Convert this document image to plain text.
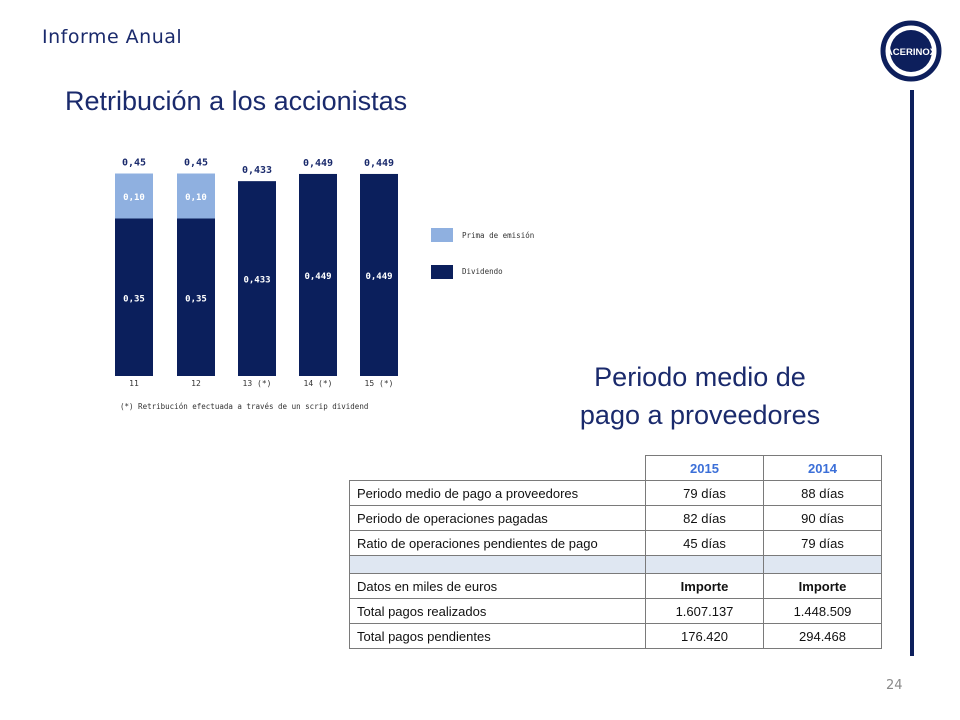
Informe Anual
ACERINOX
Retribución a los accionistas
0,35
0,10
0,45
11
0,35
0,10
0,45
12
0,433
0,433
13 (*)
0,449
0,449
14 (*)
0,449
0,449
15 (*)
Prima de emisión
Dividendo
(*) Retribución efectuada a través de un scrip dividend
Periodo medio de
pago a proveedores
	2015	2014
Periodo medio de pago a proveedores	79 días	88 días
Periodo de operaciones pagadas	82 días	90 días
Ratio de operaciones pendientes de pago	45 días	79 días

Datos en miles de euros	Importe	Importe
Total pagos realizados	1.607.137	1.448.509
Total pagos pendientes	176.420	294.468
24
